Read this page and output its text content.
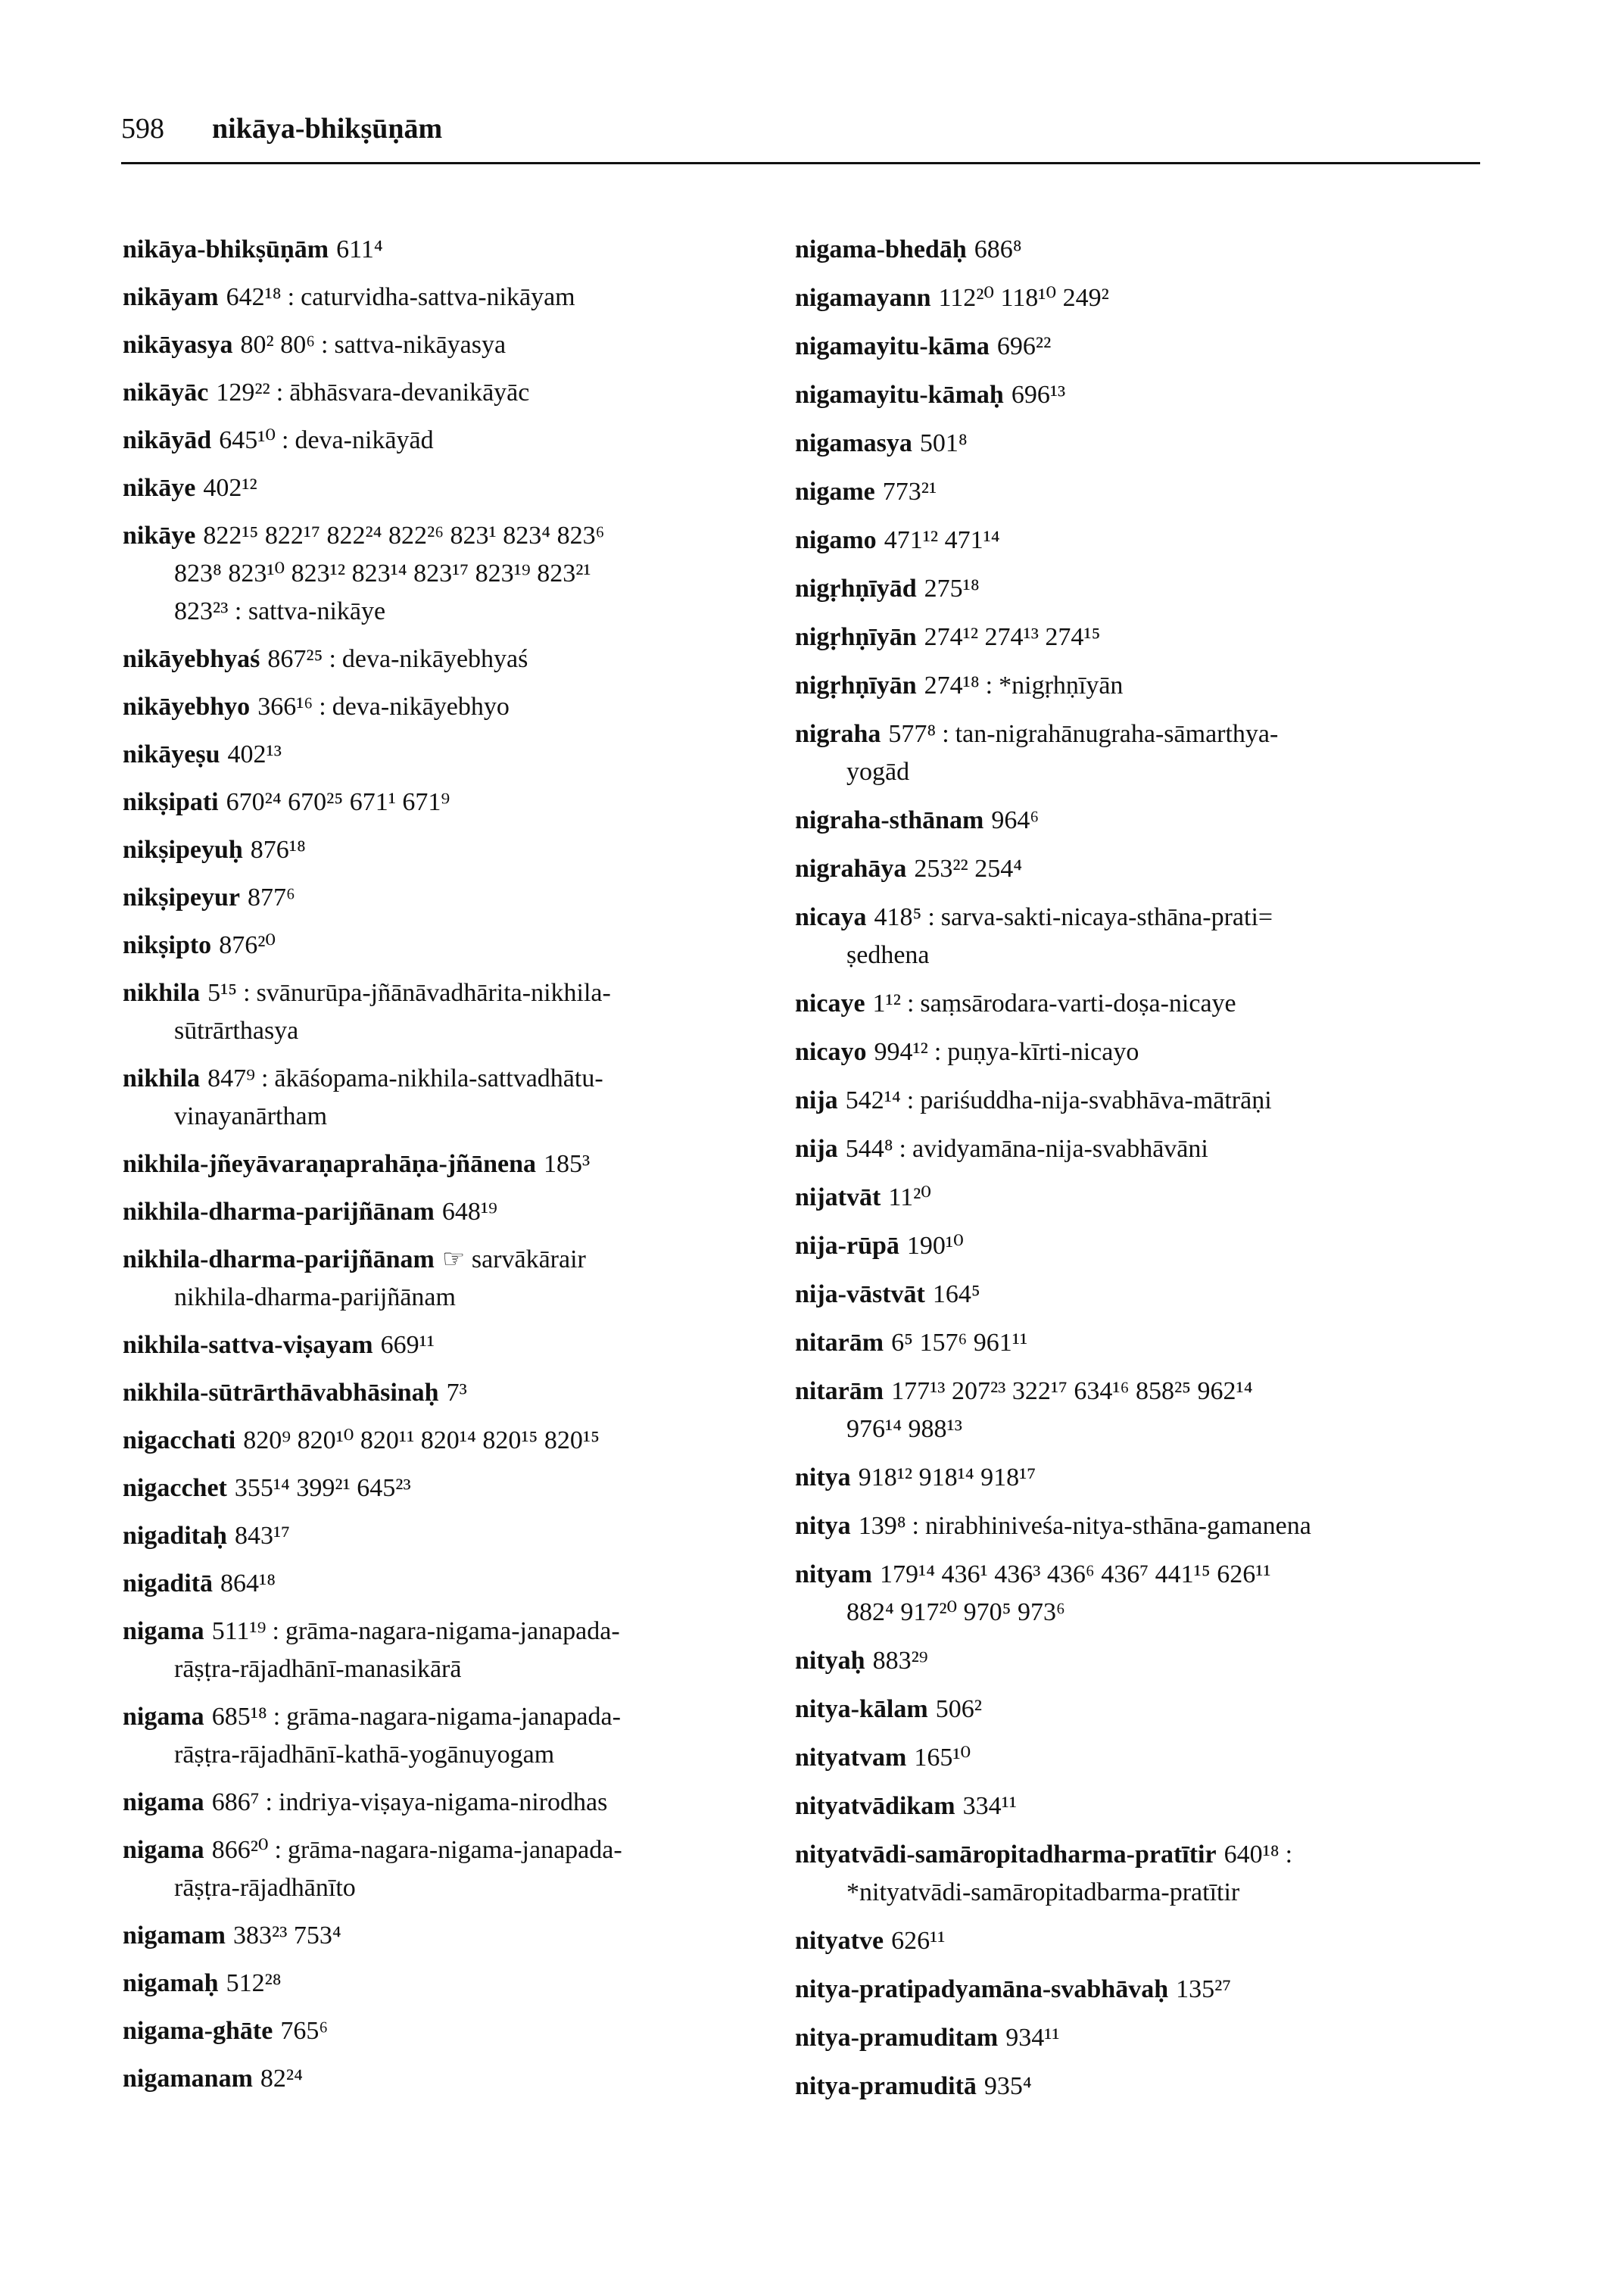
598 nikāya-bhikṣūṇām
nikāya-bhikṣūṇām 611⁴
nikāyam 642¹⁸ : caturvidha-sattva-nikāyam
nikāyasya 80² 80⁶ : sattva-nikāyasya
nikāyāc 129²² : ābhāsvara-devanikāyāc
nikāyād 645¹⁰ : deva-nikāyād
nikāye 402¹²
nikāye 822¹⁵ 822¹⁷ 822²⁴ 822²⁶ 823¹ 823⁴ 823⁶
823⁸ 823¹⁰ 823¹² 823¹⁴ 823¹⁷ 823¹⁹ 823²¹
823²³ : sattva-nikāye
nikāyebhyaś 867²⁵ : deva-nikāyebhyaś
nikāyebhyo 366¹⁶ : deva-nikāyebhyo
nikāyeṣu 402¹³
nikṣipati 670²⁴ 670²⁵ 671¹ 671⁹
nikṣipeyuḥ 876¹⁸
nikṣipeyur 877⁶
nikṣipto 876²⁰
nikhila 5¹⁵ : svānurūpa-jñānāvadhārita-nikhila-
sūtrārthasya
nikhila 847⁹ : ākāśopama-nikhila-sattvadhātu-
vinayanārtham
nikhila-jñeyāvaraṇaprahāṇa-jñānena 185³
nikhila-dharma-parijñānam 648¹⁹
nikhila-dharma-parijñānam ☞ sarvākārair
nikhila-dharma-parijñānam
nikhila-sattva-viṣayam 669¹¹
nikhila-sūtrārthāvabhāsinaḥ 7³
nigacchati 820⁹ 820¹⁰ 820¹¹ 820¹⁴ 820¹⁵ 820¹⁵
nigacchet 355¹⁴ 399²¹ 645²³
nigaditaḥ 843¹⁷
nigaditā 864¹⁸
nigama 511¹⁹ : grāma-nagara-nigama-janapada-
rāṣṭra-rājadhānī-manasikārā
nigama 685¹⁸ : grāma-nagara-nigama-janapada-
rāṣṭra-rājadhānī-kathā-yogānuyogam
nigama 686⁷ : indriya-viṣaya-nigama-nirodhas
nigama 866²⁰ : grāma-nagara-nigama-janapada-
rāṣṭra-rājadhānīto
nigamam 383²³ 753⁴
nigamaḥ 512²⁸
nigama-ghāte 765⁶
nigamanam 82²⁴
nigama-bhedāḥ 686⁸
nigamayann 112²⁰ 118¹⁰ 249²
nigamayitu-kāma 696²²
nigamayitu-kāmaḥ 696¹³
nigamasya 501⁸
nigame 773²¹
nigamo 471¹² 471¹⁴
nigṛhṇīyād 275¹⁸
nigṛhṇīyān 274¹² 274¹³ 274¹⁵
nigṛhṇīyān 274¹⁸ : *nigṛhṇīyān
nigraha 577⁸ : tan-nigrahānugraha-sāmarthya-
yogād
nigraha-sthānam 964⁶
nigrahāya 253²² 254⁴
nicaya 418⁵ : sarva-sakti-nicaya-sthāna-prati=
ṣedhena
nicaye 1¹² : saṃsārodara-varti-doṣa-nicaye
nicayo 994¹² : puṇya-kīrti-nicayo
nija 542¹⁴ : pariśuddha-nija-svabhāva-mātrāṇi
nija 544⁸ : avidyamāna-nija-svabhāvāni
nijatvāt 11²⁰
nija-rūpā 190¹⁰
nija-vāstvāt 164⁵
nitarām 6⁵ 157⁶ 961¹¹
nitarām 177¹³ 207²³ 322¹⁷ 634¹⁶ 858²⁵ 962¹⁴
976¹⁴ 988¹³
nitya 918¹² 918¹⁴ 918¹⁷
nitya 139⁸ : nirabhiniveśa-nitya-sthāna-gamanena
nityam 179¹⁴ 436¹ 436³ 436⁶ 436⁷ 441¹⁵ 626¹¹
882⁴ 917²⁰ 970⁵ 973⁶
nityaḥ 883²⁹
nitya-kālam 506²
nityatvam 165¹⁰
nityatvādikam 334¹¹
nityatvādi-samāropitadharma-pratītir 640¹⁸ :
*nityatvādi-samāropitadbarma-pratītir
nityatve 626¹¹
nitya-pratipadyamāna-svabhāvaḥ 135²⁷
nitya-pramuditam 934¹¹
nitya-pramuditā 935⁴
